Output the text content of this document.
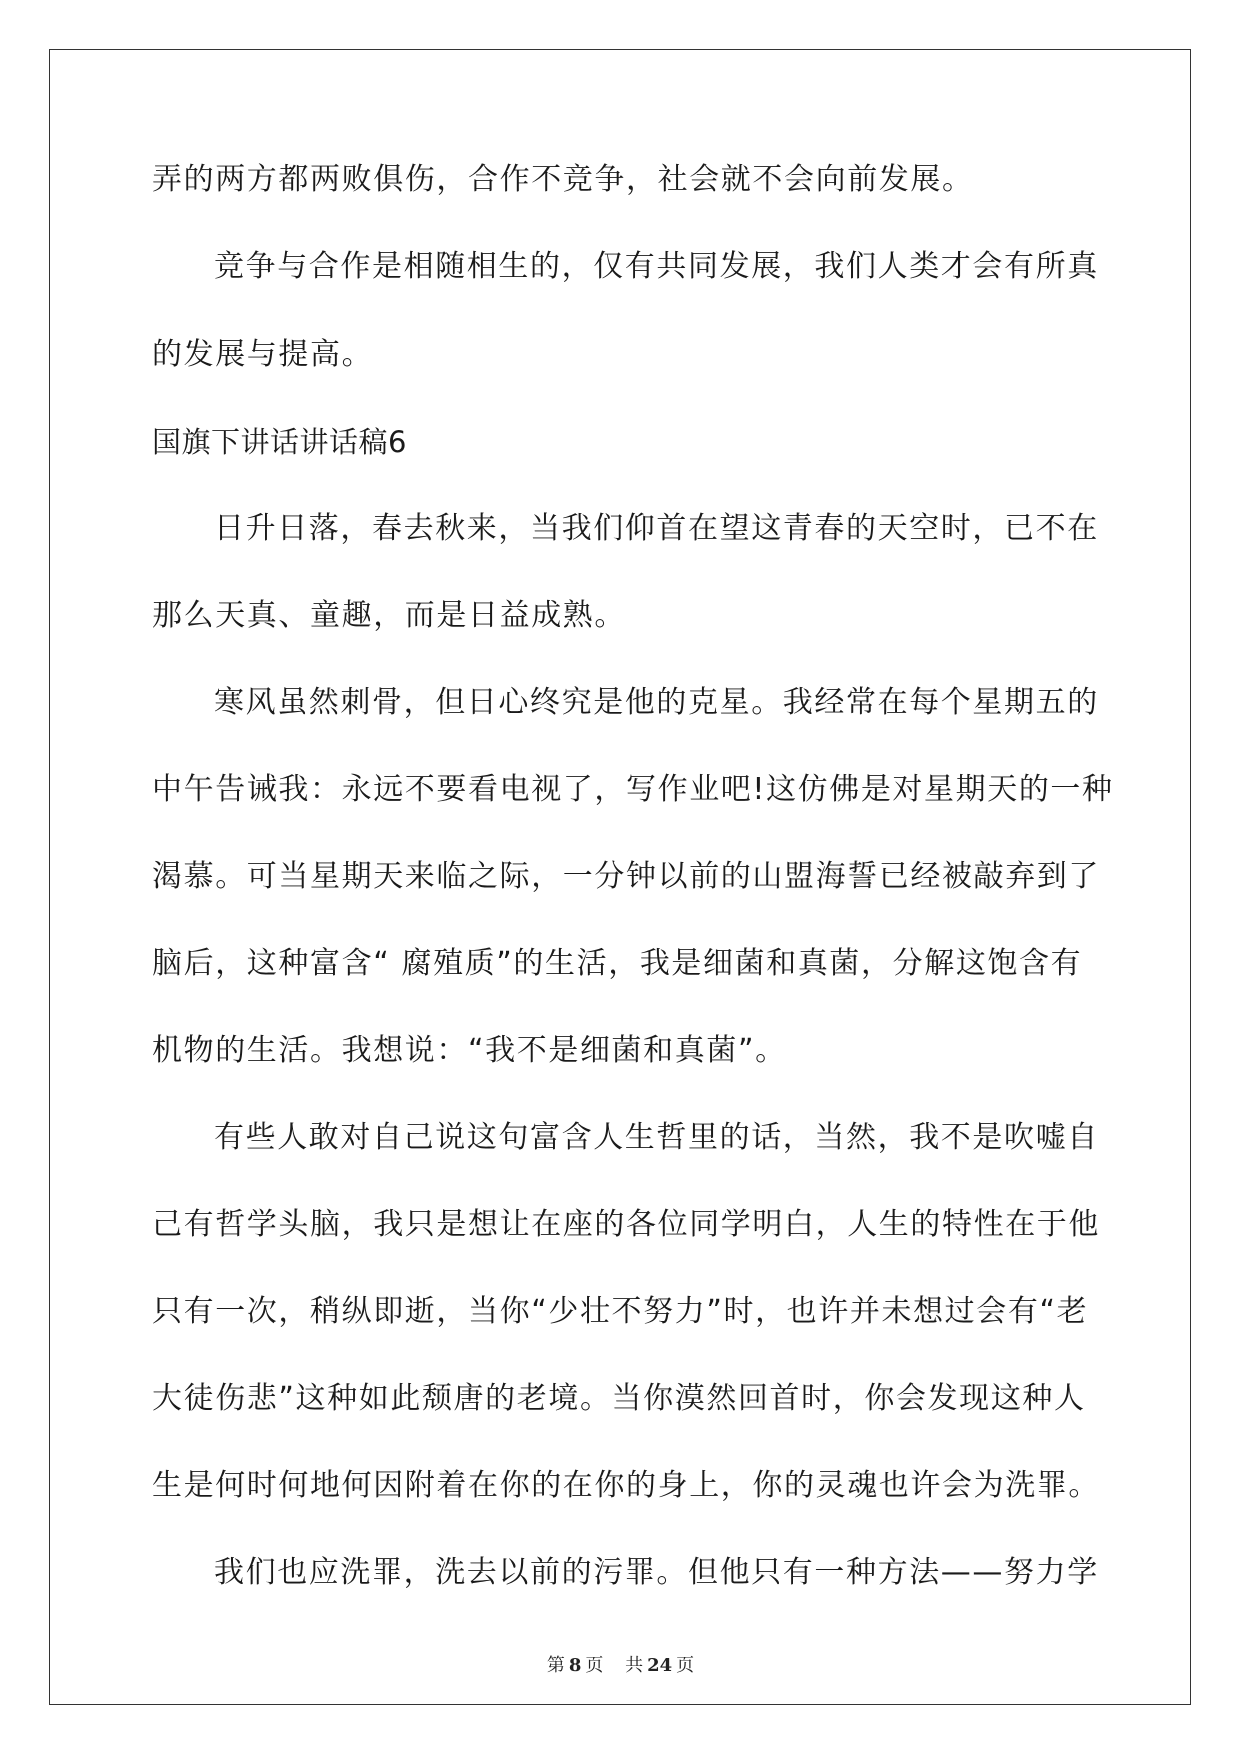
弄的两方都两败俱伤，合作不竞争，社会就不会向前发展。
竞争与合作是相随相生的，仅有共同发展，我们人类才会有所真
的发展与提高。
国旗下讲话讲话稿6
日升日落，春去秋来，当我们仰首在望这青春的天空时，已不在
那么天真、童趣，而是日益成熟。
寒风虽然刺骨，但日心终究是他的克星。我经常在每个星期五的
中午告诫我：永远不要看电视了，写作业吧!这仿佛是对星期天的一种
渴慕。可当星期天来临之际，一分钟以前的山盟海誓已经被敲弃到了
脑后，这种富含“ 腐殖质”的生活，我是细菌和真菌，分解这饱含有
机物的生活。我想说：“我不是细菌和真菌”。
有些人敢对自己说这句富含人生哲里的话，当然，我不是吹嘘自
己有哲学头脑，我只是想让在座的各位同学明白，人生的特性在于他
只有一次，稍纵即逝，当你“少壮不努力”时，也许并未想过会有“老
大徒伤悲”这种如此颓唐的老境。当你漠然回首时，你会发现这种人
生是何时何地何因附着在你的在你的身上，你的灵魂也许会为洗罪。
我们也应洗罪，洗去以前的污罪。但他只有一种方法——努力学
第 8 页 共 24 页
